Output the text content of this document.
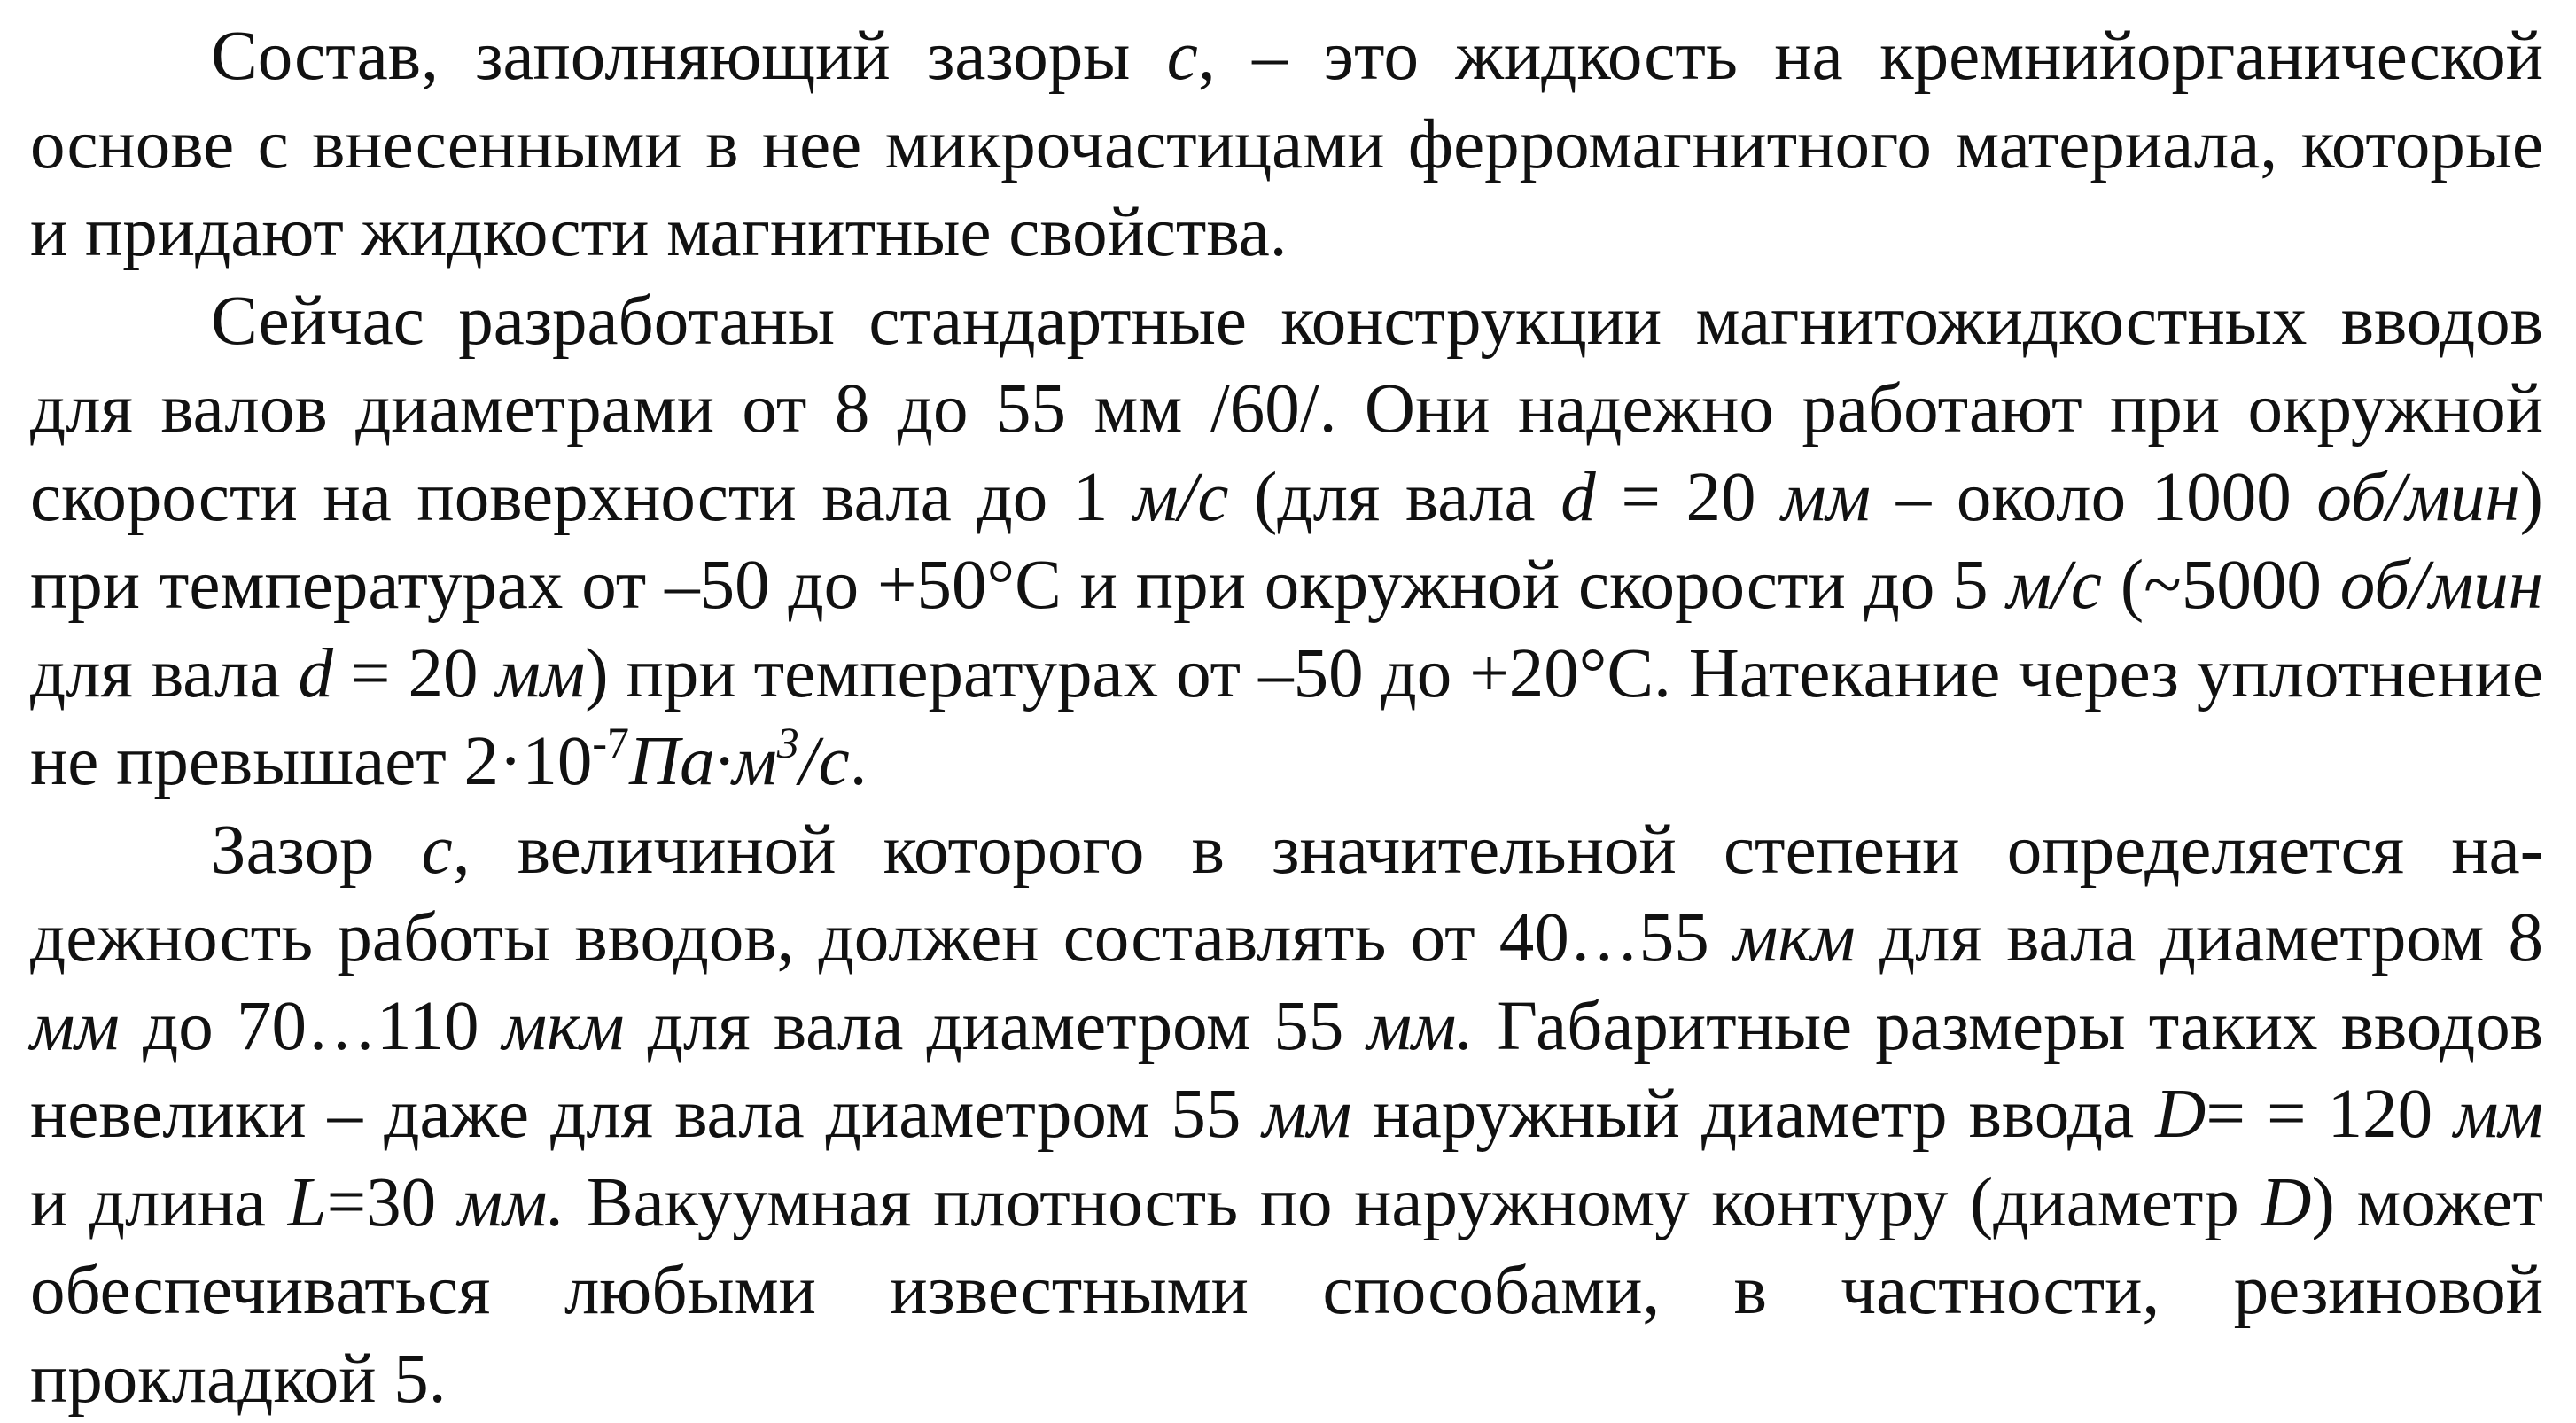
Состав, заполняющий зазоры c, – это жидкость на кремнийорганической основе с внесенными в нее микрочастицами ферромагнитного материала, которые и придают жидкости магнитные свойства.

Сейчас разработаны стандартные конструкции магнитожидкостных вводов для валов диаметрами от 8 до 55 мм /60/. Они надежно работают при окружной скорости на поверхности вала до 1 м/с (для вала d = 20 мм – около 1000 об/мин) при температурах от –50 до +50°C и при окружной скорости до 5 м/с (~5000 об/мин для вала d = 20 мм) при температурах от –50 до +20°C. Натекание через уплотнение не превышает $2\cdot 10^{-7}Па\cdot м^3/с$.

Зазор c, величиной которого в значительной степени определяется надежность работы вводов, должен составлять от 40…55 мкм для вала диаметром 8 мм до 70…110 мкм для вала диаметром 55 мм. Габаритные размеры таких вводов невелики – даже для вала диаметром 55 мм наружный диаметр ввода D= = 120 мм и длина L=30 мм. Вакуумная плотность по наружному контуру (диаметр D) может обеспечиваться любыми известными способами, в частности, резиновой прокладкой 5.
